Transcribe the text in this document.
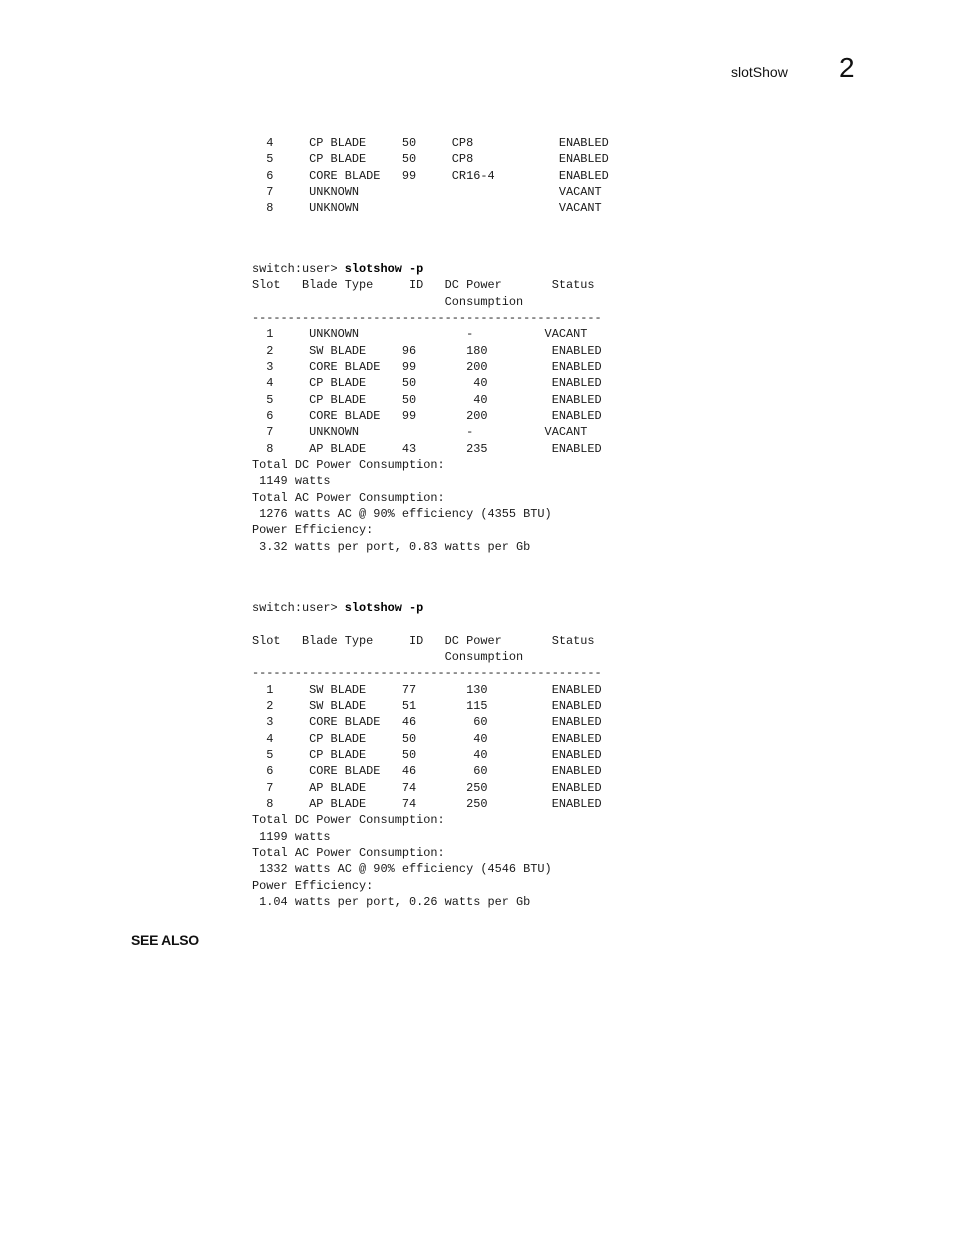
slotShow 2
4     CP BLADE     50     CP8            ENABLED
5     CP BLADE     50     CP8            ENABLED
6     CORE BLADE   99     CR16-4         ENABLED
7     UNKNOWN                            VACANT
8     UNKNOWN                            VACANT
switch:user> slotshow -p
Slot   Blade Type     ID   DC Power       Status
Consumption
-------------------------------------------------
1     UNKNOWN               -          VACANT
2     SW BLADE     96       180         ENABLED
3     CORE BLADE   99       200         ENABLED
4     CP BLADE     50        40         ENABLED
5     CP BLADE     50        40         ENABLED
6     CORE BLADE   99       200         ENABLED
7     UNKNOWN               -          VACANT
8     AP BLADE     43       235         ENABLED
Total DC Power Consumption:
1149 watts
Total AC Power Consumption:
1276 watts AC @ 90% efficiency (4355 BTU)
Power Efficiency:
3.32 watts per port, 0.83 watts per Gb
switch:user> slotshow -p
Slot   Blade Type     ID   DC Power       Status
Consumption
-------------------------------------------------
1     SW BLADE     77       130         ENABLED
2     SW BLADE     51       115         ENABLED
3     CORE BLADE   46        60         ENABLED
4     CP BLADE     50        40         ENABLED
5     CP BLADE     50        40         ENABLED
6     CORE BLADE   46        60         ENABLED
7     AP BLADE     74       250         ENABLED
8     AP BLADE     74       250         ENABLED
Total DC Power Consumption:
1199 watts
Total AC Power Consumption:
1332 watts AC @ 90% efficiency (4546 BTU)
Power Efficiency:
1.04 watts per port, 0.26 watts per Gb
SEE ALSO
